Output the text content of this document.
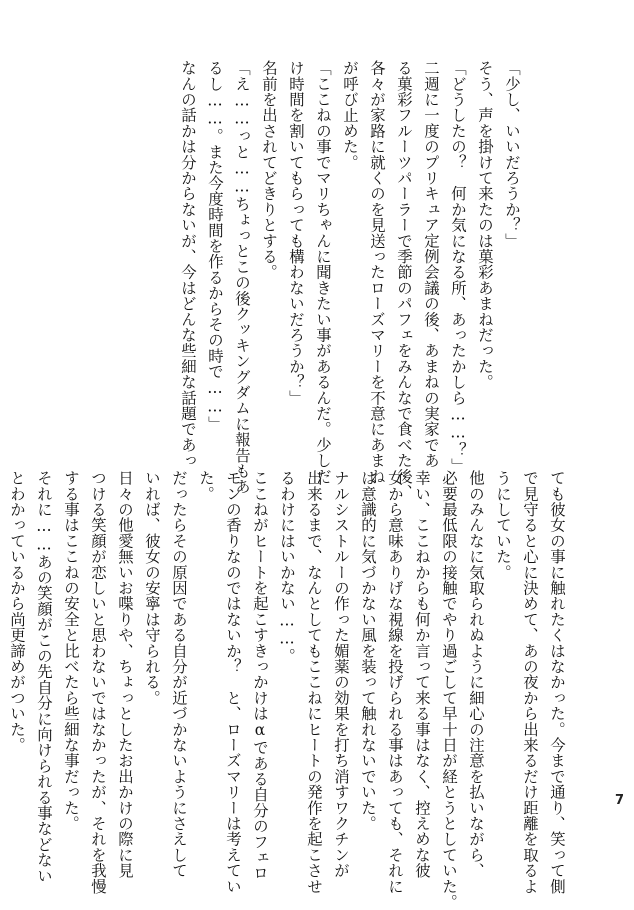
「少し、いいだろうか？」
そう、声を掛けて来たのは菓彩あまねだった。
「どうしたの？　何か気になる所、あったかしら……？」
二週に一度のプリキュア定例会議の後、あまねの実家であ
る菓彩フルーツパーラーで季節のパフェをみんなで食べた後、
各々が家路に就くのを見送ったローズマリーを不意にあまね
が呼び止めた。
「ここねの事でマリちゃんに聞きたい事があるんだ。少しだ
け時間を割いてもらっても構わないだろうか？」
名前を出されてどきりとする。
「え……っと……ちょっとこの後クッキングダムに報告もあ
るし……。また今度時間を作るからその時で……」
なんの話かは分からないが、今はどんな些細な話題であっ
ても彼女の事に触れたくはなかった。今まで通り、笑って側
で見守ると心に決めて、あの夜から出来るだけ距離を取るよ
うにしていた。
他のみんなに気取られぬように細心の注意を払いながら、
必要最低限の接触でやり過ごして早十日が経とうとしていた。
幸い、ここねからも何か言って来る事はなく、控えめな彼
女から意味ありげな視線を投げられる事はあっても、それに
は意識的に気づかない風を装って触れないでいた。
ナルシストルーの作った媚薬の効果を打ち消すワクチンが
出来るまで、なんとしてもここねにヒートの発作を起こさせ
るわけにはいかない……。
ここねがヒートを起こすきっかけはαである自分のフェロ
モンの香りなのではないか？　と、ローズマリーは考えてい
た。
だったらその原因である自分が近づかないようにさえして
いれば、彼女の安寧は守られる。
日々の他愛無いお喋りや、ちょっとしたお出かけの際に見
つける笑顔が恋しいと思わないではなかったが、それを我慢
する事はここねの安全と比べたら些細な事だった。
それに……あの笑顔がこの先自分に向けられる事などない
とわかっているから尚更諦めがついた。
7
